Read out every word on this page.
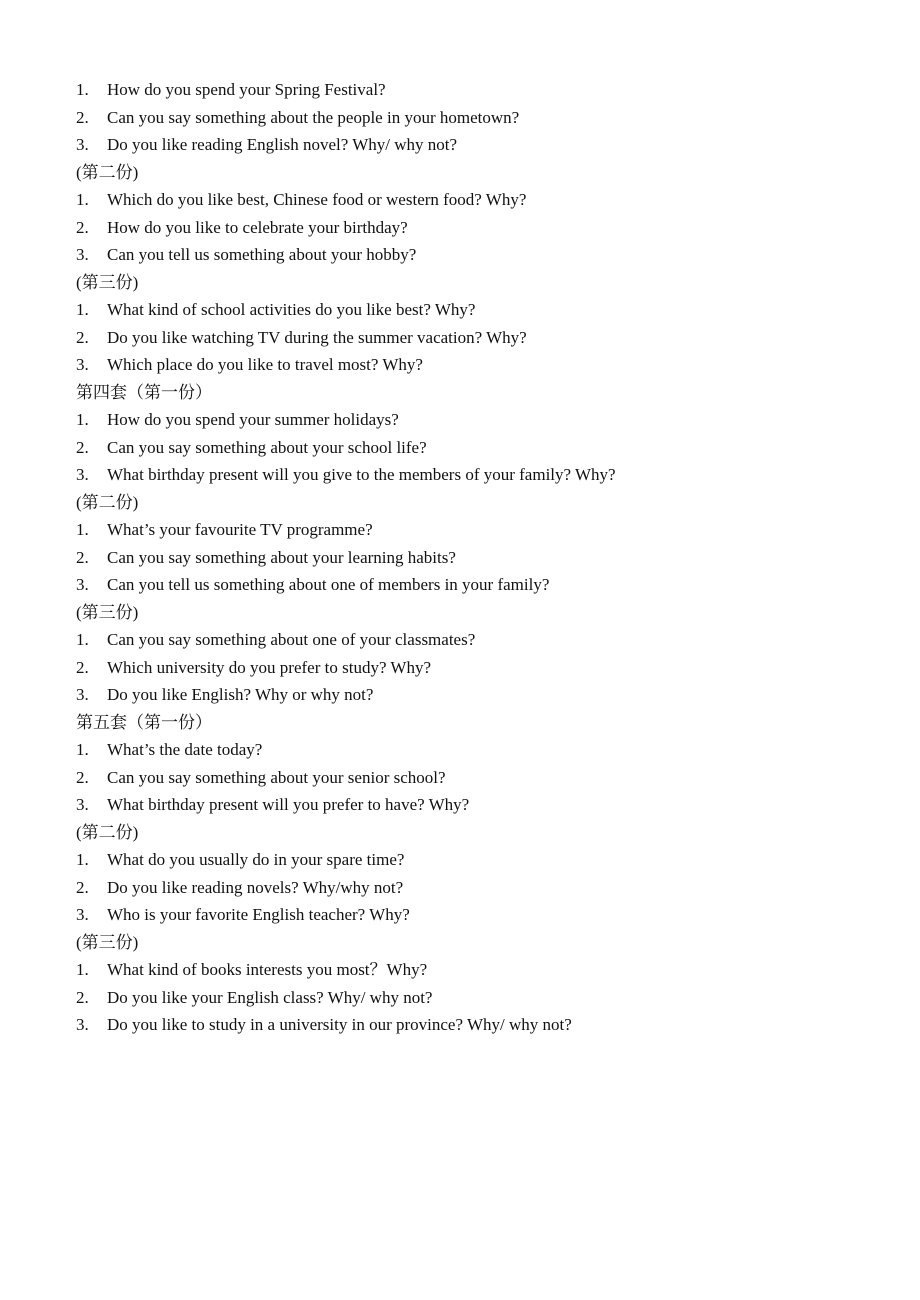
1. How do you spend your Spring Festival?
2. Can you say something about the people in your hometown?
3. Do you like reading English novel? Why/ why not?
(第二份)
1. Which do you like best, Chinese food or western food? Why?
2. How do you like to celebrate your birthday?
3. Can you tell us something about your hobby?
(第三份)
1. What kind of school activities do you like best? Why?
2. Do you like watching TV during the summer vacation? Why?
3. Which place do you like to travel most? Why?
第四套（第一份）
1. How do you spend your summer holidays?
2. Can you say something about your school life?
3. What birthday present will you give to the members of your family? Why?
(第二份)
1. What’s your favourite TV programme?
2. Can you say something about your learning habits?
3. Can you tell us something about one of members in your family?
(第三份)
1. Can you say something about one of your classmates?
2. Which university do you prefer to study? Why?
3. Do you like English? Why or why not?
第五套（第一份）
1. What’s the date today?
2. Can you say something about your senior school?
3. What birthday present will you prefer to have? Why?
(第二份)
1. What do you usually do in your spare time?
2. Do you like reading novels? Why/why not?
3. Who is your favorite English teacher? Why?
(第三份)
1. What kind of books interests you most？Why?
2. Do you like your English class? Why/ why not?
3. Do you like to study in a university in our province? Why/ why not?
